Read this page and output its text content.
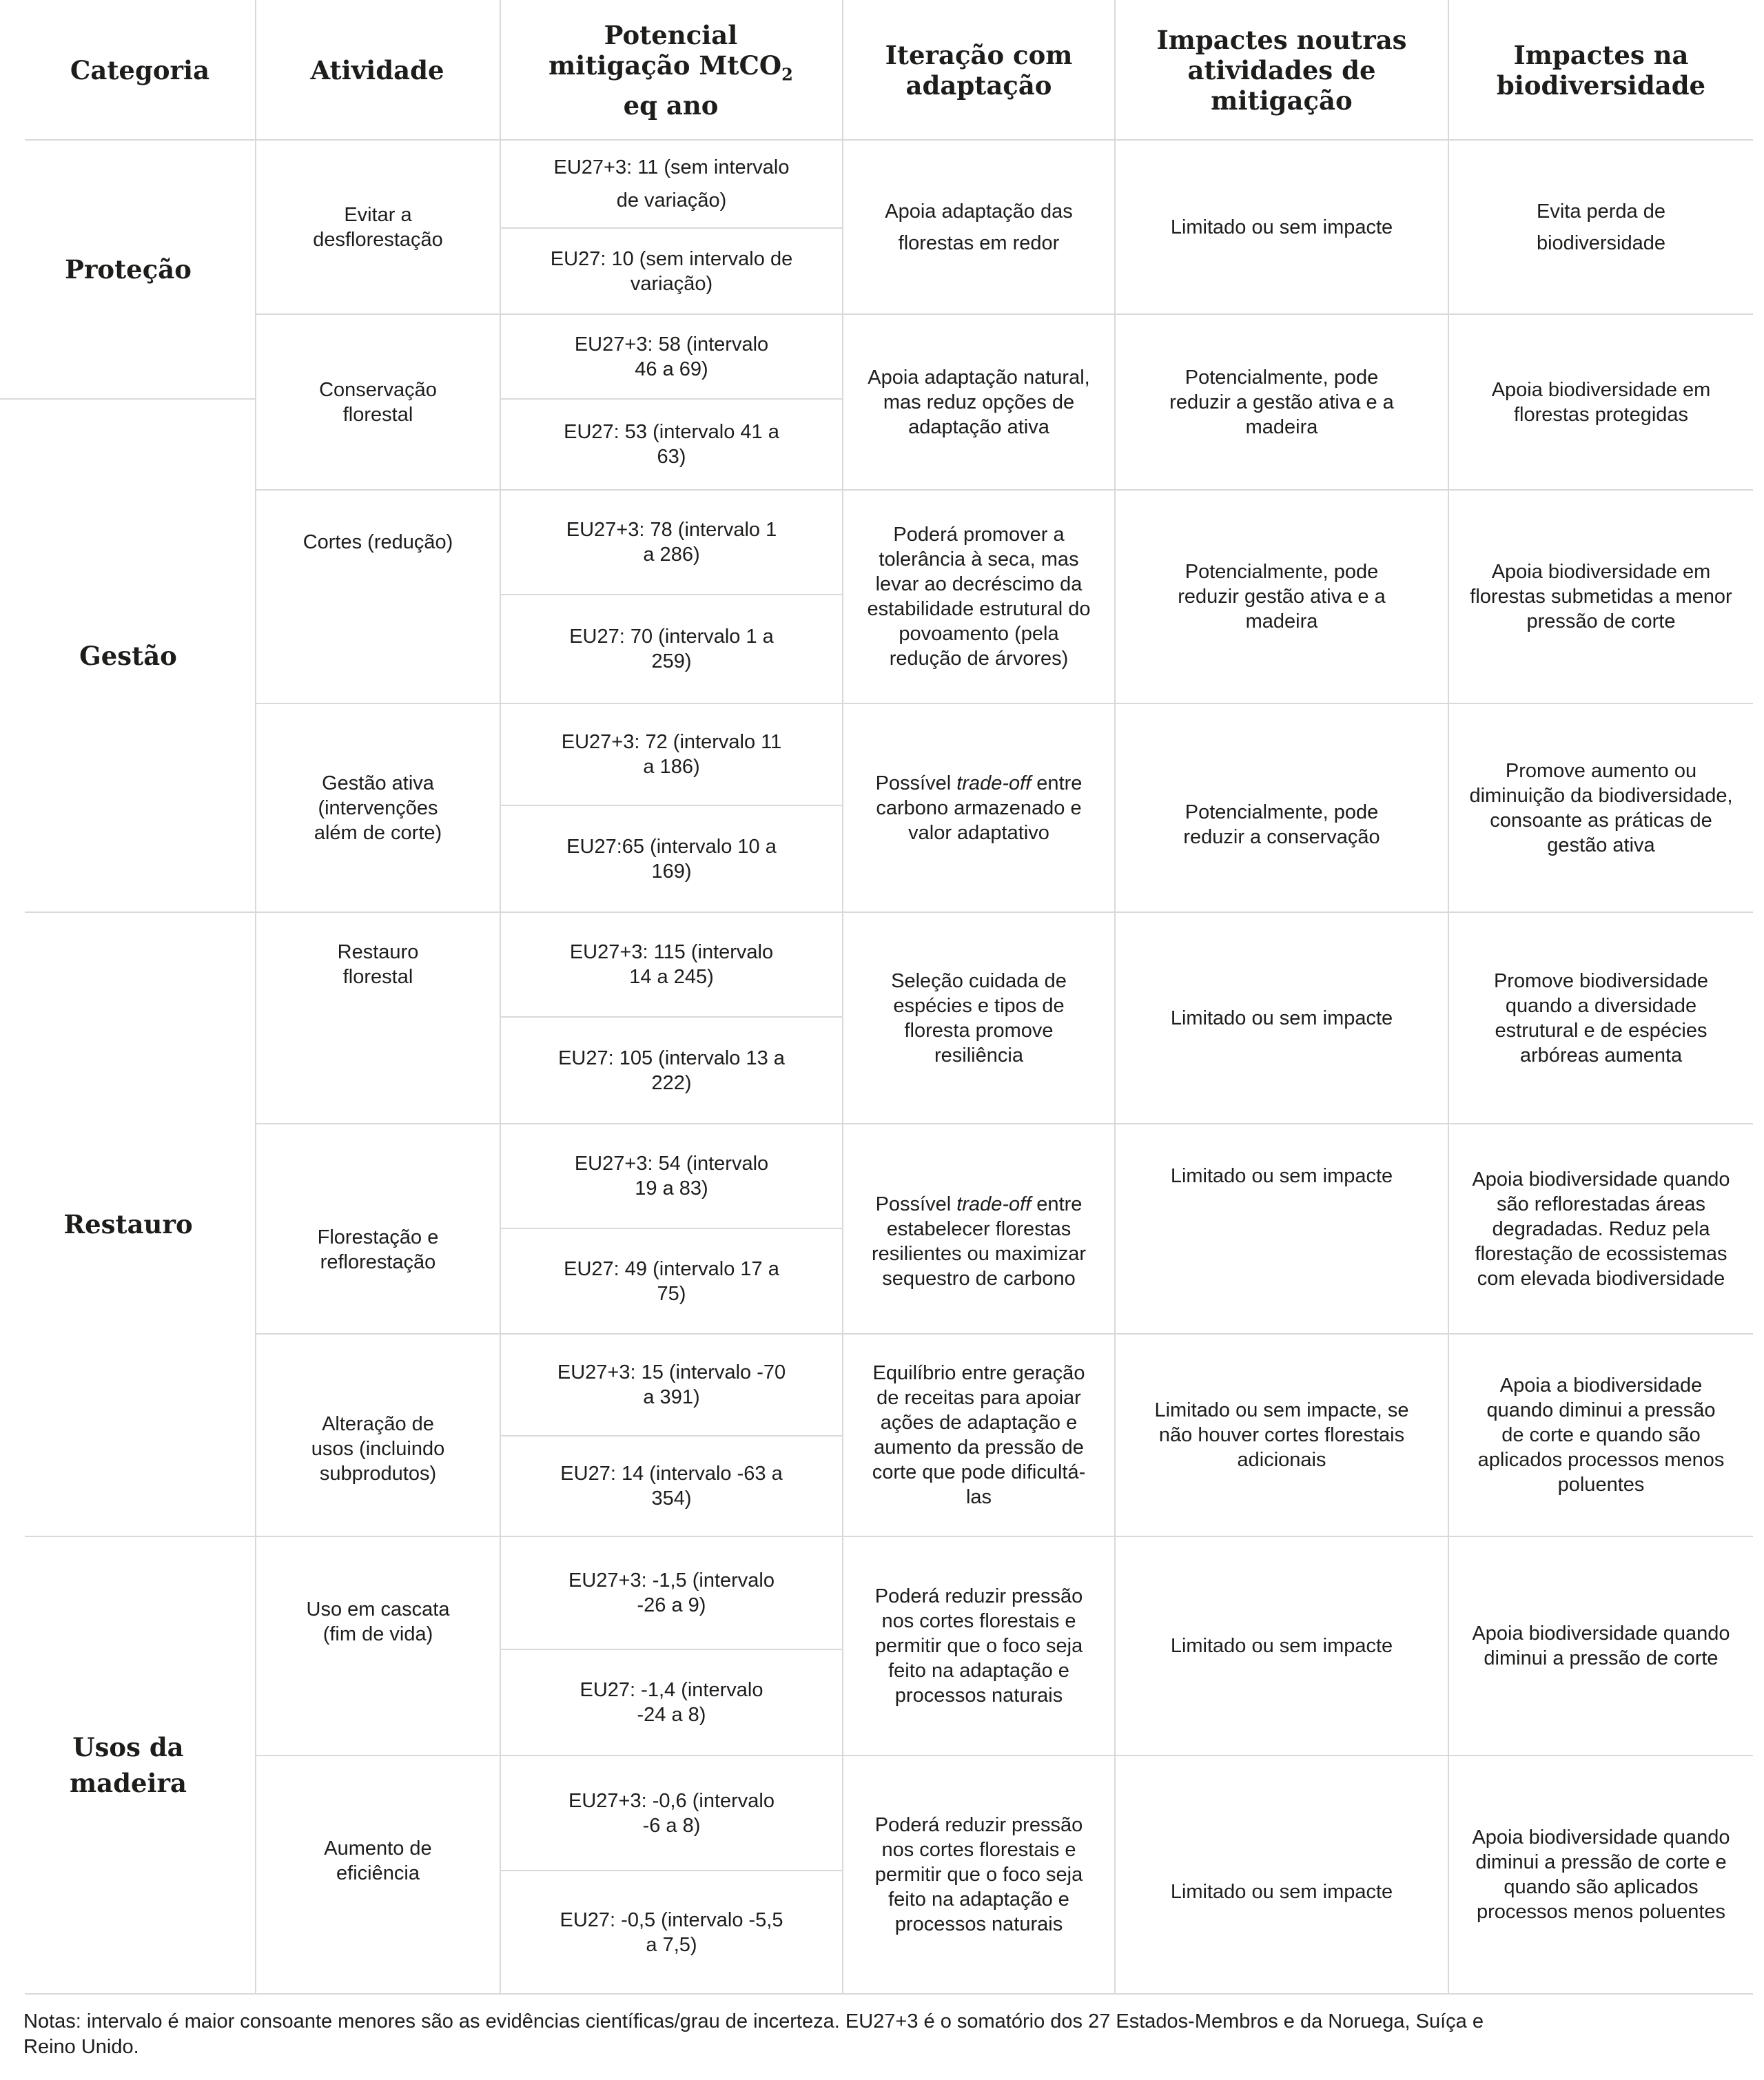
Categoria	Atividade
Potencial
mitigação MtCO$_2$
eq ano
Iteração com adaptação
Impactes noutras atividades de mitigação
Impactes na biodiversidade
Proteção
Gestão
Restauro
Usos da madeira
Evitar a desflorestação
EU27+3: 11 (sem intervalo de variação)
EU27: 10 (sem intervalo de variação)
Apoia adaptação das florestas em redor
Limitado ou sem impacte
Evita perda de biodiversidade
Conservação florestal
EU27+3: 58 (intervalo 46 a 69)
EU27: 53 (intervalo 41 a 63)
Apoia adaptação natural, mas reduz opções de adaptação ativa
Potencialmente, pode reduzir a gestão ativa e a madeira
Apoia biodiversidade em florestas protegidas
Cortes (redução)
EU27+3: 78 (intervalo 1 a 286)
EU27: 70 (intervalo 1 a 259)
Poderá promover a tolerância à seca, mas levar ao decréscimo da estabilidade estrutural do povoamento (pela redução de árvores)
Potencialmente, pode reduzir gestão ativa e a madeira
Apoia biodiversidade em florestas submetidas a menor pressão de corte
Gestão ativa (intervenções além de corte)
EU27+3: 72 (intervalo 11 a 186)
EU27:65 (intervalo 10 a 169)
Possível trade-off entre carbono armazenado e valor adaptativo
Potencialmente, pode reduzir a conservação
Promove aumento ou diminuição da biodiversidade, consoante as práticas de gestão ativa
Restauro florestal
EU27+3: 115 (intervalo 14 a 245)
EU27: 105 (intervalo 13 a 222)
Seleção cuidada de espécies e tipos de floresta promove resiliência
Limitado ou sem impacte
Promove biodiversidade quando a diversidade estrutural e de espécies arbóreas aumenta
Florestação e reflorestação
EU27+3: 54 (intervalo 19 a 83)
EU27: 49 (intervalo 17 a 75)
Possível trade-off entre estabelecer florestas resilientes ou maximizar sequestro de carbono
Limitado ou sem impacte	Apoia biodiversidade quando são reflorestadas áreas degradadas. Reduz pela florestação de ecossistemas com elevada biodiversidade
Alteração de usos (incluindo subprodutos)
EU27+3: 15 (intervalo -70 a 391)
EU27: 14 (intervalo -63 a 354)
Equilíbrio entre geração de receitas para apoiar ações de adaptação e aumento da pressão de corte que pode dificultá-las
Limitado ou sem impacte, se não houver cortes florestais adicionais
Apoia a biodiversidade quando diminui a pressão de corte e quando são aplicados processos menos poluentes
Uso em cascata (fim de vida)
EU27+3: -1,5 (intervalo -26 a 9)
EU27: -1,4 (intervalo -24 a 8)
Poderá reduzir pressão nos cortes florestais e permitir que o foco seja feito na adaptação e processos naturais
Limitado ou sem impacte
Apoia biodiversidade quando diminui a pressão de corte
Aumento de eficiência
EU27+3: -0,6 (intervalo -6 a 8)
EU27: -0,5 (intervalo -5,5 a 7,5)
Poderá reduzir pressão nos cortes florestais e permitir que o foco seja feito na adaptação e processos naturais
Limitado ou sem impacte
Apoia biodiversidade quando diminui a pressão de corte e quando são aplicados processos menos poluentes
Notas: intervalo é maior consoante menores são as evidências científicas/grau de incerteza. EU27+3 é o somatório dos 27 Estados-Membros e da Noruega, Suíça e Reino Unido.
